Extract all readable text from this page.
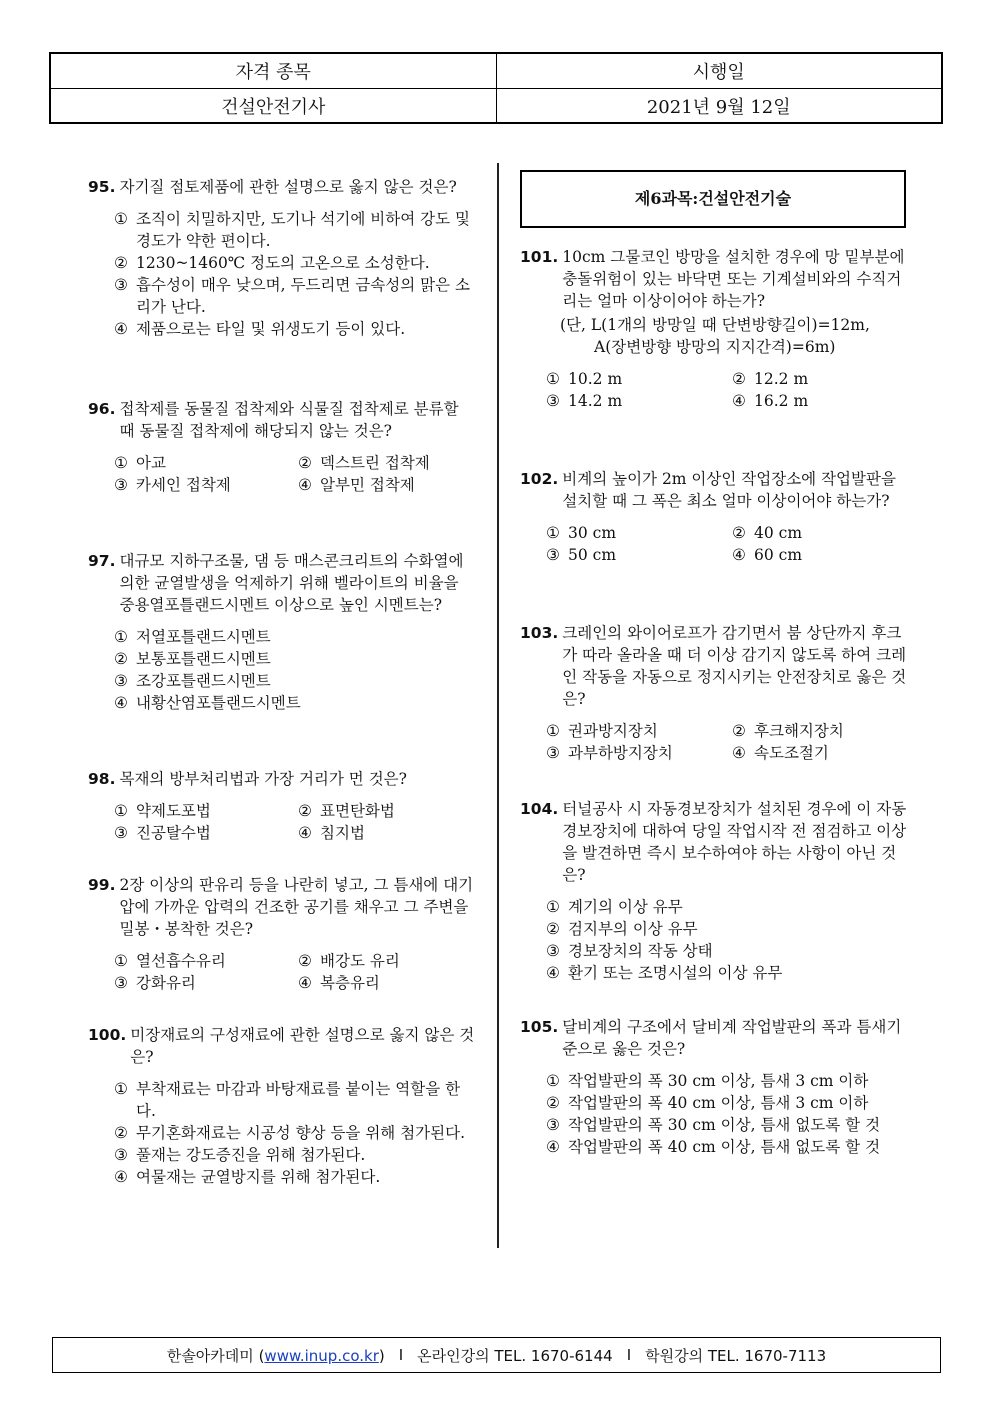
자격 종목	시행일
건설안전기사	2021년 9월 12일
95. 자기질 점토제품에 관한 설명으로 옳지 않은 것은?
① 조직이 치밀하지만, 도기나 석기에 비하여 강도 및 경도가 약한 편이다.
② 1230~1460℃ 정도의 고온으로 소성한다.
③ 흡수성이 매우 낮으며, 두드리면 금속성의 맑은 소리가 난다.
④ 제품으로는 타일 및 위생도기 등이 있다.
96. 접착제를 동물질 접착제와 식물질 접착제로 분류할 때 동물질 접착제에 해당되지 않는 것은?
① 아교	② 덱스트린 접착제
③ 카세인 접착제	④ 알부민 접착제
97. 대규모 지하구조물, 댐 등 매스콘크리트의 수화열에 의한 균열발생을 억제하기 위해 벨라이트의 비율을 중용열포틀랜드시멘트 이상으로 높인 시멘트는?
① 저열포틀랜드시멘트
② 보통포틀랜드시멘트
③ 조강포틀랜드시멘트
④ 내황산염포틀랜드시멘트
98. 목재의 방부처리법과 가장 거리가 먼 것은?
① 약제도포법	② 표면탄화법
③ 진공탈수법	④ 침지법
99. 2장 이상의 판유리 등을 나란히 넣고, 그 틈새에 대기압에 가까운 압력의 건조한 공기를 채우고 그 주변을 밀봉・봉착한 것은?
① 열선흡수유리	② 배강도 유리
③ 강화유리	④ 복층유리
100. 미장재료의 구성재료에 관한 설명으로 옳지 않은 것은?
① 부착재료는 마감과 바탕재료를 붙이는 역할을 한다.
② 무기혼화재료는 시공성 향상 등을 위해 첨가된다.
③ 풀재는 강도증진을 위해 첨가된다.
④ 여물재는 균열방지를 위해 첨가된다.
제6과목:건설안전기술
101. 10cm 그물코인 방망을 설치한 경우에 망 밑부분에 충돌위험이 있는 바닥면 또는 기계설비와의 수직거리는 얼마 이상이어야 하는가?
(단, L(1개의 방망일 때 단변방향길이)=12m,
A(장변방향 방망의 지지간격)=6m)
① 10.2 m	② 12.2 m
③ 14.2 m	④ 16.2 m
102. 비계의 높이가 2m 이상인 작업장소에 작업발판을 설치할 때 그 폭은 최소 얼마 이상이어야 하는가?
① 30 cm	② 40 cm
③ 50 cm	④ 60 cm
103. 크레인의 와이어로프가 감기면서 붐 상단까지 후크가 따라 올라올 때 더 이상 감기지 않도록 하여 크레인 작동을 자동으로 정지시키는 안전장치로 옳은 것은?
① 권과방지장치	② 후크해지장치
③ 과부하방지장치	④ 속도조절기
104. 터널공사 시 자동경보장치가 설치된 경우에 이 자동경보장치에 대하여 당일 작업시작 전 점검하고 이상을 발견하면 즉시 보수하여야 하는 사항이 아닌 것은?
① 계기의 이상 유무
② 검지부의 이상 유무
③ 경보장치의 작동 상태
④ 환기 또는 조명시설의 이상 유무
105. 달비계의 구조에서 달비계 작업발판의 폭과 틈새기준으로 옳은 것은?
① 작업발판의 폭 30 cm 이상, 틈새 3 cm 이하
② 작업발판의 폭 40 cm 이상, 틈새 3 cm 이하
③ 작업발판의 폭 30 cm 이상, 틈새 없도록 할 것
④ 작업발판의 폭 40 cm 이상, 틈새 없도록 할 것
한솔아카데미 (www.inup.co.kr) I 온라인강의 TEL. 1670-6144 I 학원강의 TEL. 1670-7113
